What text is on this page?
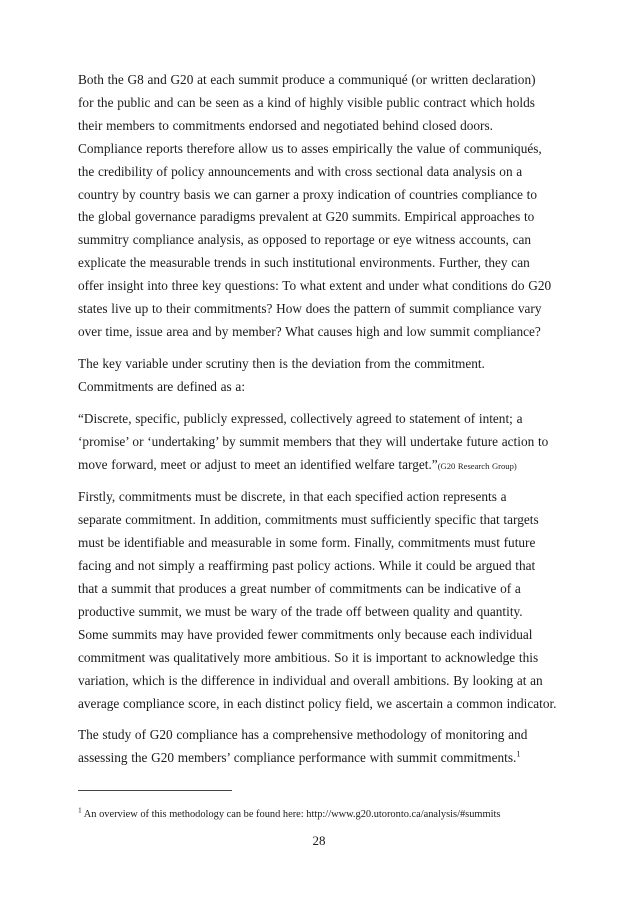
Both the G8 and G20 at each summit produce a communiqué (or written declaration)
for the public and can be seen as a kind of highly visible public contract which holds
their members to commitments endorsed and negotiated behind closed doors.
Compliance reports therefore allow us to asses empirically the value of communiqués,
the credibility of policy announcements and with cross sectional data analysis on a
country by country basis we can garner a proxy indication of countries compliance to
the global governance paradigms prevalent at G20 summits. Empirical approaches to
summitry compliance analysis, as opposed to reportage or eye witness accounts, can
explicate the measurable trends in such institutional environments. Further, they can
offer insight into three key questions: To what extent and under what conditions do G20
states live up to their commitments? How does the pattern of summit compliance vary
over time, issue area and by member? What causes high and low summit compliance?

The key variable under scrutiny then is the deviation from the commitment.
Commitments are defined as a:

“Discrete, specific, publicly expressed, collectively agreed to statement of intent; a
‘promise’ or ‘undertaking’ by summit members that they will undertake future action to
move forward, meet or adjust to meet an identified welfare target.”(G20 Research Group)

Firstly, commitments must be discrete, in that each specified action represents a
separate commitment. In addition, commitments must sufficiently specific that targets
must be identifiable and measurable in some form. Finally, commitments must future
facing and not simply a reaffirming past policy actions. While it could be argued that
that a summit that produces a great number of commitments can be indicative of a
productive summit, we must be wary of the trade off between quality and quantity.
Some summits may have provided fewer commitments only because each individual
commitment was qualitatively more ambitious. So it is important to acknowledge this
variation, which is the difference in individual and overall ambitions. By looking at an
average compliance score, in each distinct policy field, we ascertain a common indicator.

The study of G20 compliance has a comprehensive methodology of monitoring and
assessing the G20 members’ compliance performance with summit commitments.$^1$

$^1$ An overview of this methodology can be found here: http://www.g20.utoronto.ca/analysis/#summits
28
